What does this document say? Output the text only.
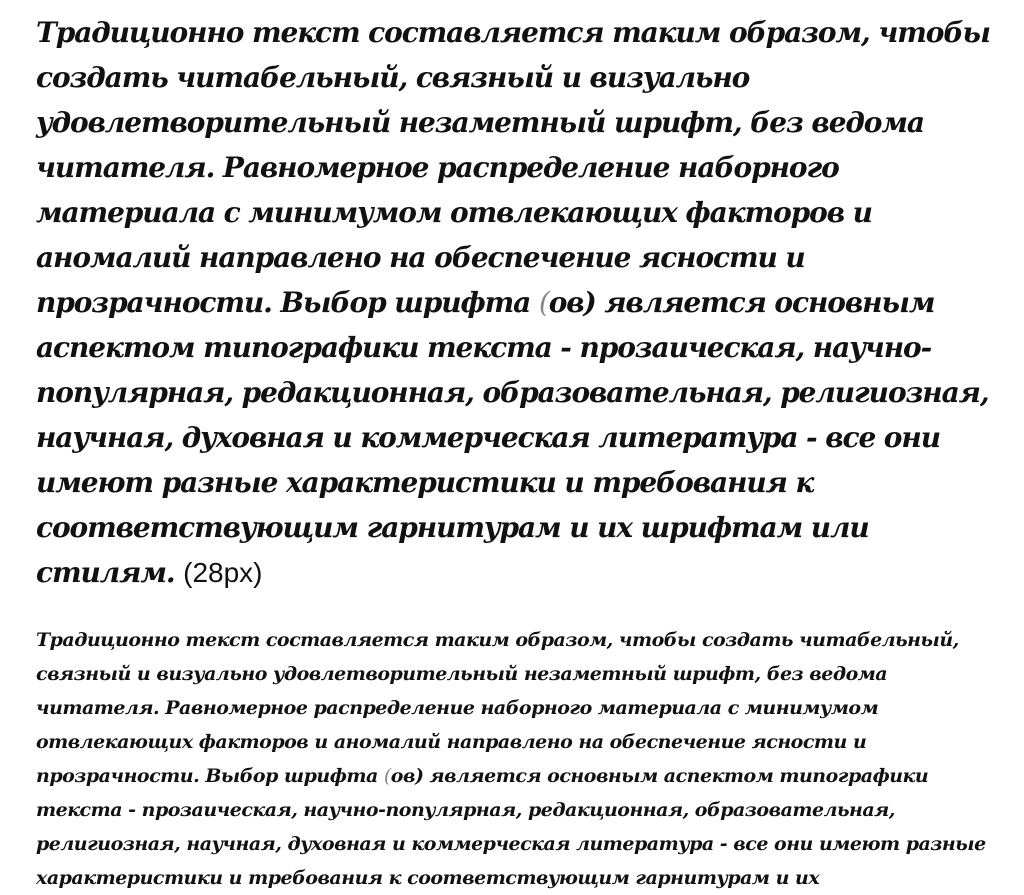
Традиционно текст составляется таким образом, чтобы создать читабельный, связный и визуально удовлетворительный незаметный шрифт, без ведома читателя. Равномерное распределение наборного материала с минимумом отвлекающих факторов и аномалий направлено на обеспечение ясности и прозрачности. Выбор шрифта (ов) является основным аспектом типографики текста - прозаическая, научно-популярная, редакционная, образовательная, религиозная, научная, духовная и коммерческая литература - все они имеют разные характеристики и требования к соответствующим гарнитурам и их шрифтам или стилям. (28px)

Традиционно текст составляется таким образом, чтобы создать читабельный, связный и визуально удовлетворительный незаметный шрифт, без ведома читателя. Равномерное распределение наборного материала с минимумом отвлекающих факторов и аномалий направлено на обеспечение ясности и прозрачности. Выбор шрифта (ов) является основным аспектом типографики текста - прозаическая, научно-популярная, редакционная, образовательная, религиозная, научная, духовная и коммерческая литература - все они имеют разные характеристики и требования к соответствующим гарнитурам и их
